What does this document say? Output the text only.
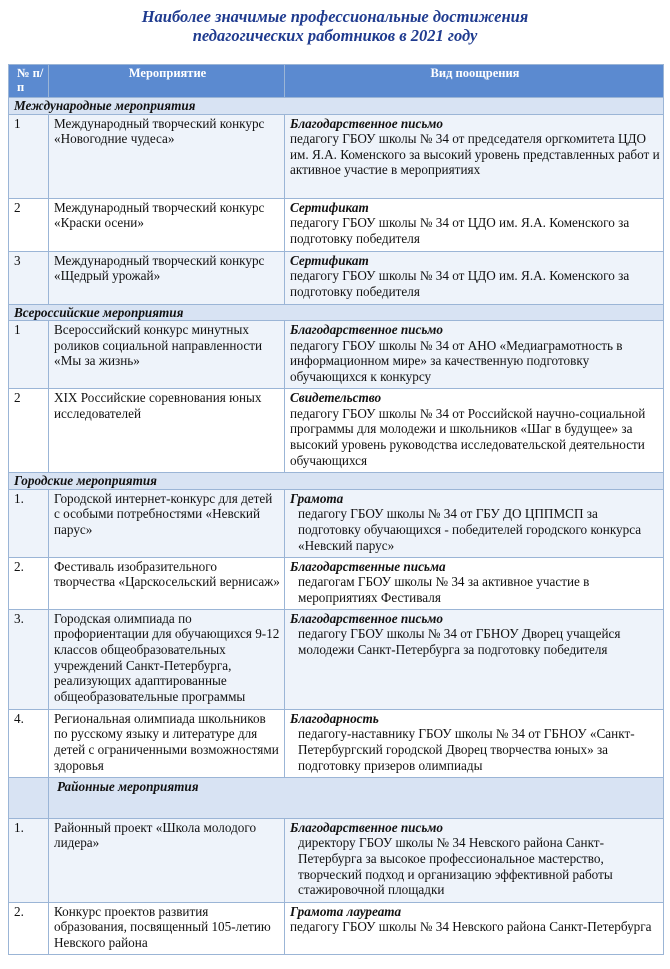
Наиболее значимые профессиональные достижения
педагогических работников в 2021 году
№ п/п	Мероприятие	Вид поощрения
Международные мероприятия		
1	Международный творческий конкурс «Новогодние чудеса»	Благодарственное письмо
педагогу ГБОУ школы № 34 от председателя оргкомитета ЦДО им. Я.А. Коменского за высокий уровень представленных работ и активное участие в мероприятиях

2	Международный творческий конкурс «Краски осени»	Сертификат
педагогу ГБОУ школы № 34 от ЦДО им. Я.А. Коменского за подготовку победителя

3	Международный творческий конкурс «Щедрый урожай»	Сертификат
педагогу ГБОУ школы № 34 от ЦДО им. Я.А. Коменского за подготовку победителя

Всероссийские мероприятия		
1	Всероссийский конкурс минутных роликов социальной направленности «Мы за жизнь»	Благодарственное письмо
педагогу ГБОУ школы № 34 от АНО «Медиаграмотность в информационном мире» за качественную подготовку обучающихся к конкурсу

2	XIX Российские соревнования юных исследователей	Свидетельство
педагогу ГБОУ школы № 34 от Российской научно-социальной программы для молодежи и школьников «Шаг в будущее» за высокий уровень руководства исследовательской деятельности обучающихся

Городские мероприятия		
1.	Городской интернет-конкурс для детей с особыми потребностями «Невский парус»	Грамота
педагогу ГБОУ школы № 34 от ГБУ ДО ЦППМСП за подготовку обучающихся - победителей городского конкурса «Невский парус»

2.	Фестиваль изобразительного творчества «Царскосельский вернисаж»	Благодарственные письма
педагогам ГБОУ школы № 34 за активное участие в мероприятиях Фестиваля

3.	Городская олимпиада по профориентации для обучающихся 9-12 классов общеобразовательных учреждений Санкт-Петербурга, реализующих адаптированные общеобразовательные программы	Благодарственное письмо
педагогу ГБОУ школы № 34 от ГБНОУ Дворец учащейся молодежи Санкт-Петербурга за подготовку победителя

4.	Региональная олимпиада школьников по русскому языку и литературе для детей с ограниченными возможностями здоровья	Благодарность
педагогу-наставнику ГБОУ школы № 34 от ГБНОУ «Санкт-Петербургский городской Дворец творчества юных» за подготовку призеров олимпиады

	Районные мероприятия	
1.	Районный проект «Школа молодого лидера»	Благодарственное письмо
директору ГБОУ школы № 34 Невского района Санкт-Петербурга за высокое профессиональное мастерство, творческий подход и организацию эффективной работы стажировочной площадки

2.	Конкурс проектов развития образования, посвященный 105-летию Невского района	Грамота лауреата
педагогу ГБОУ школы № 34 Невского района Санкт-Петербурга
